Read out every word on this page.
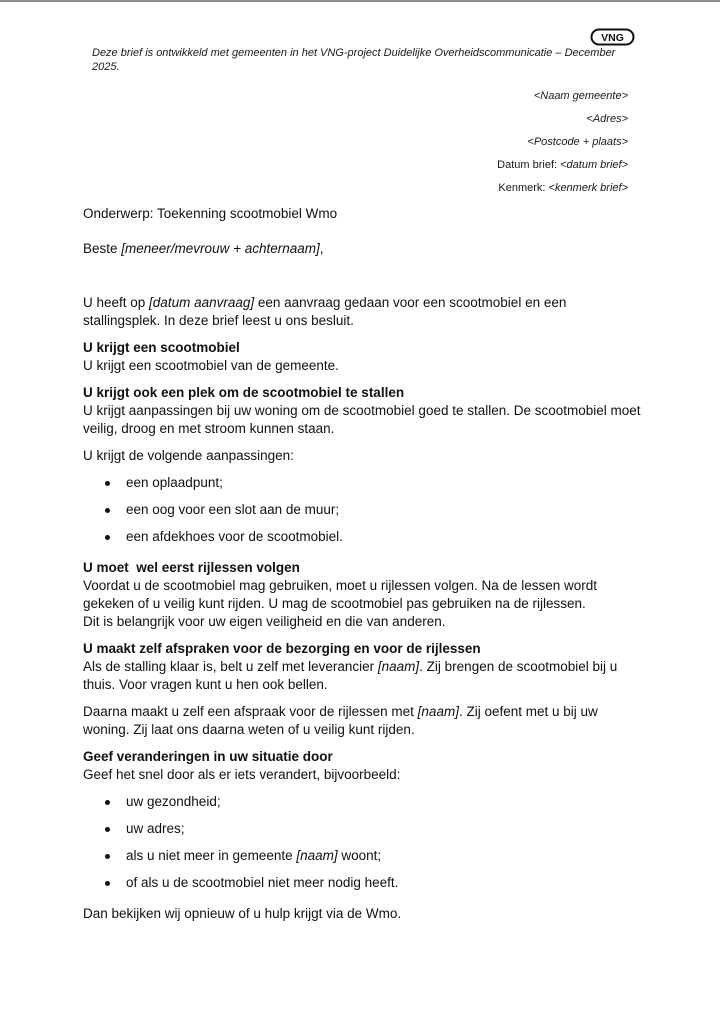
VNG
Deze brief is ontwikkeld met gemeenten in het VNG-project Duidelijke Overheidscommunicatie – December 2025.
<Naam gemeente>
<Adres>
<Postcode + plaats>
Datum brief: <datum brief>
Kenmerk: <kenmerk brief>

Onderwerp: Toekenning scootmobiel Wmo

Beste [meneer/mevrouw + achternaam],

U heeft op [datum aanvraag] een aanvraag gedaan voor een scootmobiel en een stallingsplek. In deze brief leest u ons besluit.

U krijgt een scootmobiel

U krijgt een scootmobiel van de gemeente.

U krijgt ook een plek om de scootmobiel te stallen

U krijgt aanpassingen bij uw woning om de scootmobiel goed te stallen. De scootmobiel moet veilig, droog en met stroom kunnen staan.

U krijgt de volgende aanpassingen:

een oplaadpunt;
een oog voor een slot aan de muur;
een afdekhoes voor de scootmobiel.

U moet  wel eerst rijlessen volgen

Voordat u de scootmobiel mag gebruiken, moet u rijlessen volgen. Na de lessen wordt gekeken of u veilig kunt rijden. U mag de scootmobiel pas gebruiken na de rijlessen.

Dit is belangrijk voor uw eigen veiligheid en die van anderen.

U maakt zelf afspraken voor de bezorging en voor de rijlessen

Als de stalling klaar is, belt u zelf met leverancier [naam]. Zij brengen de scootmobiel bij u thuis. Voor vragen kunt u hen ook bellen.

Daarna maakt u zelf een afspraak voor de rijlessen met [naam]. Zij oefent met u bij uw woning. Zij laat ons daarna weten of u veilig kunt rijden.

Geef veranderingen in uw situatie door

Geef het snel door als er iets verandert, bijvoorbeeld:

uw gezondheid;
uw adres;
als u niet meer in gemeente [naam] woont;
of als u de scootmobiel niet meer nodig heeft.

Dan bekijken wij opnieuw of u hulp krijgt via de Wmo.
